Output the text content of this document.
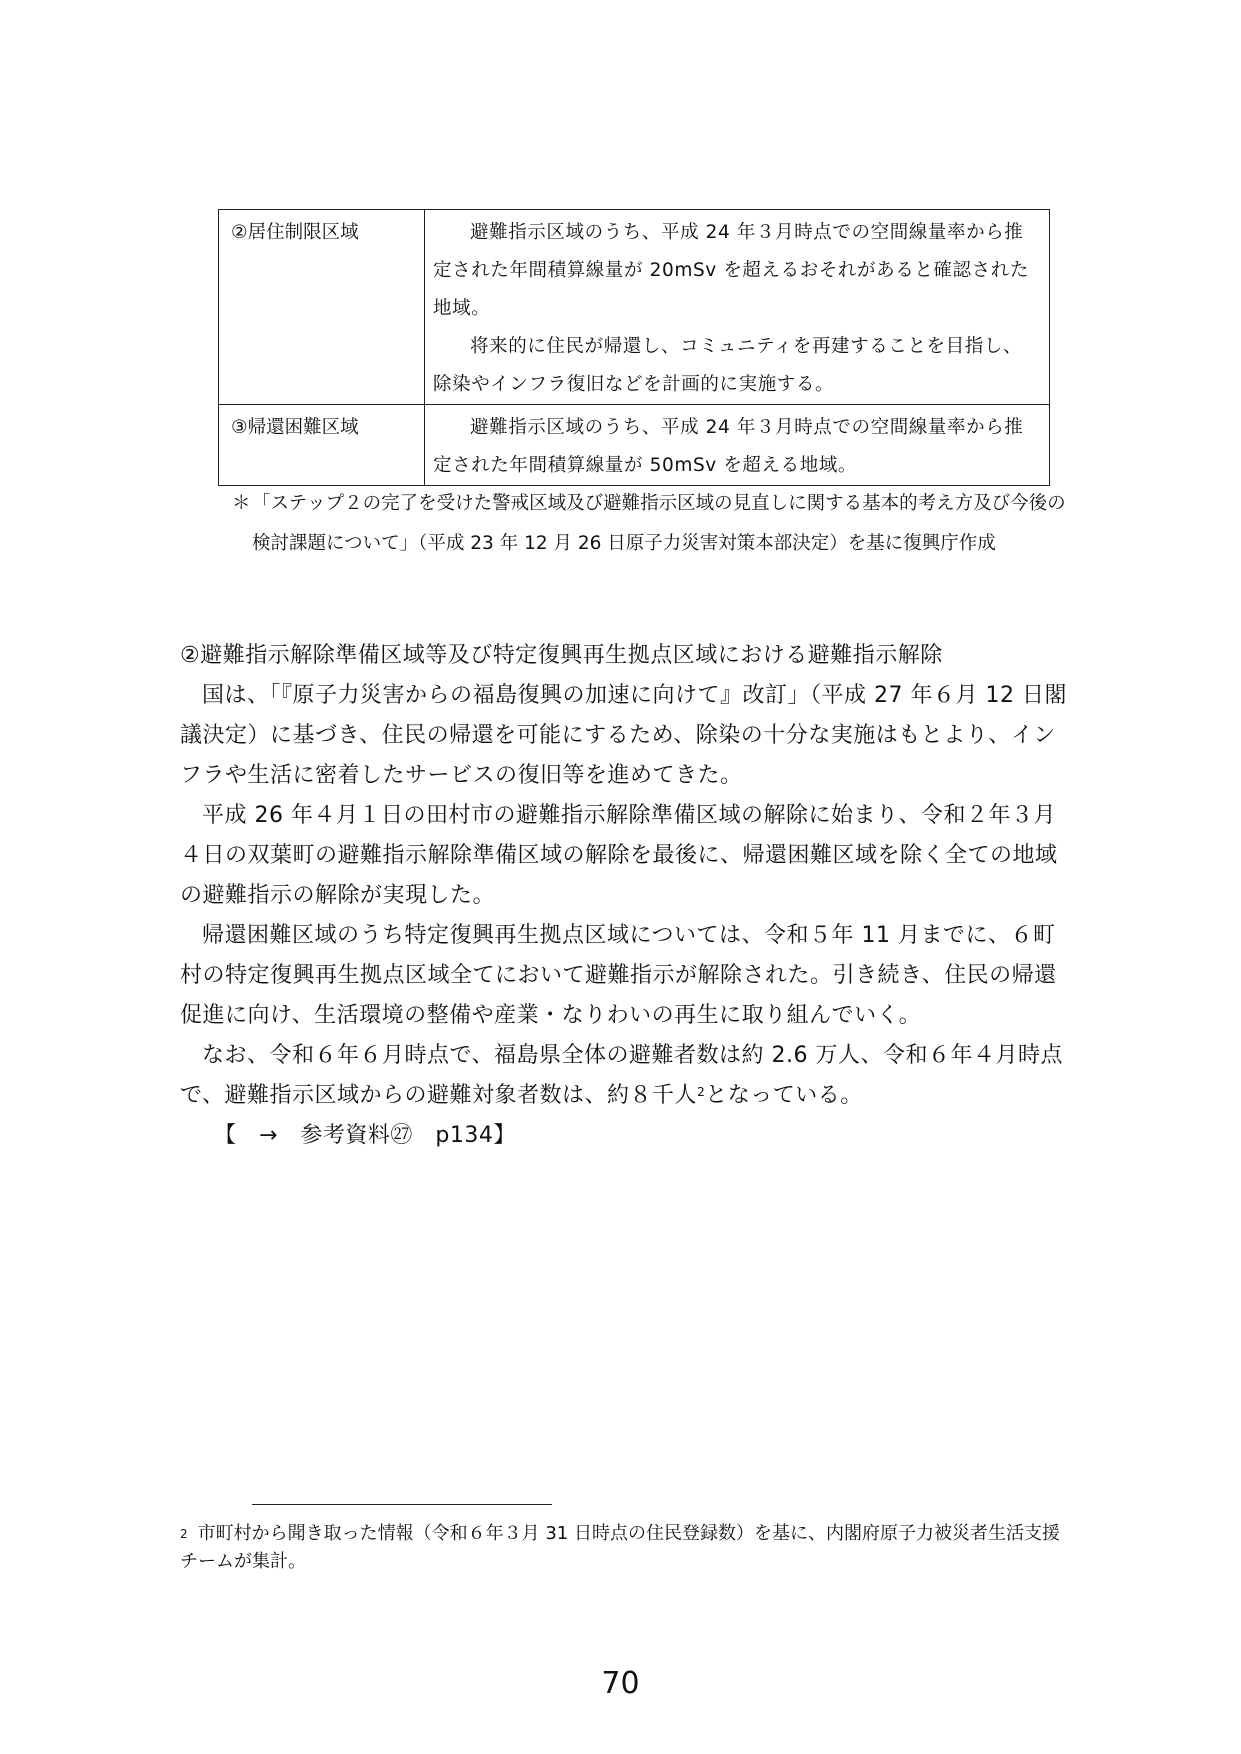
②居住制限区域	避難指示区域のうち、平成 24 年３月時点での空間線量率から推定された年間積算線量が 20mSv を超えるおそれがあると確認された地域。

将来的に住民が帰還し、コミュニティを再建することを目指し、除染やインフラ復旧などを計画的に実施する。

③帰還困難区域	避難指示区域のうち、平成 24 年３月時点での空間線量率から推定された年間積算線量が 50mSv を超える地域。

＊ 「ステップ２の完了を受けた警戒区域及び避難指示区域の見直しに関する基本的考え方及び今後の検討課題について」（平成 23 年 12 月 26 日原子力災害対策本部決定）を基に復興庁作成
②避難指示解除準備区域等及び特定復興再生拠点区域における避難指示解除

国は、「『原子力災害からの福島復興の加速に向けて』改訂」（平成 27 年６月 12 日閣議決定）に基づき、住民の帰還を可能にするため、除染の十分な実施はもとより、インフラや生活に密着したサービスの復旧等を進めてきた。

平成 26 年４月１日の田村市の避難指示解除準備区域の解除に始まり、令和２年３月４日の双葉町の避難指示解除準備区域の解除を最後に、帰還困難区域を除く全ての地域の避難指示の解除が実現した。

帰還困難区域のうち特定復興再生拠点区域については、令和５年 11 月までに、６町村の特定復興再生拠点区域全てにおいて避難指示が解除された。引き続き、住民の帰還促進に向け、生活環境の整備や産業・なりわいの再生に取り組んでいく。

なお、令和６年６月時点で、福島県全体の避難者数は約 2.6 万人、令和６年４月時点で、避難指示区域からの避難対象者数は、約８千人$^2$となっている。

【　→　参考資料㉗　p134】
$^2$ 市町村から聞き取った情報（令和６年３月 31 日時点の住民登録数）を基に、内閣府原子力被災者生活支援チームが集計。
70
